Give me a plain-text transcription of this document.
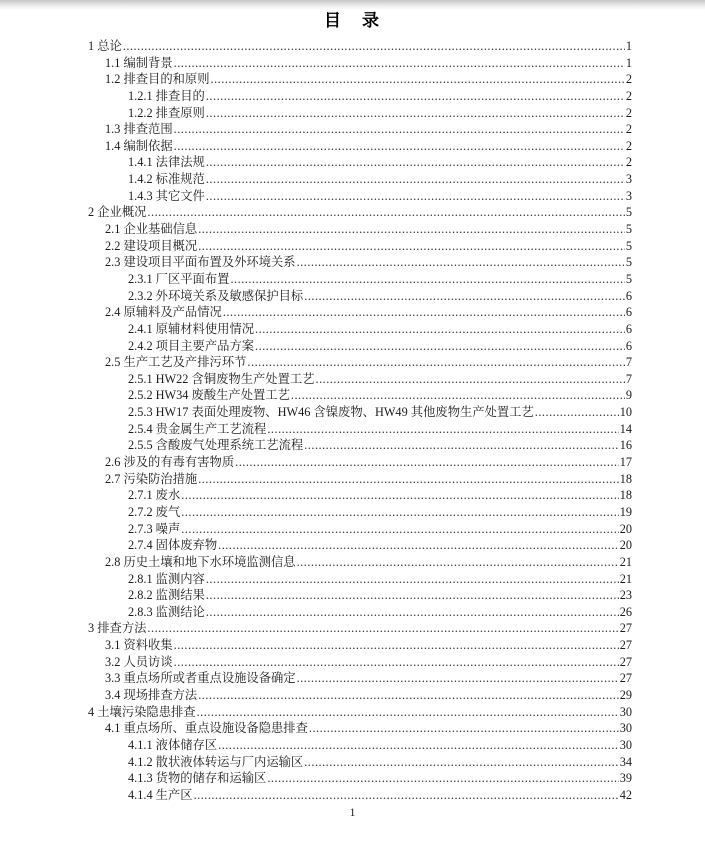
目　录
1 总论 .....	1
1.1 编制背景 .....	1
1.2 排查目的和原则 .....	2
1.2.1 排查目的 .....	2
1.2.2 排查原则 .....	2
1.3 排查范围 .....	2
1.4 编制依据 .....	2
1.4.1 法律法规 .....	2
1.4.2 标准规范 .....	3
1.4.3 其它文件 .....	3
2 企业概况 .....	5
2.1 企业基础信息 .....	5
2.2 建设项目概况 .....	5
2.3 建设项目平面布置及外环境关系 .....	5
2.3.1 厂区平面布置 .....	5
2.3.2 外环境关系及敏感保护目标 .....	6
2.4 原辅料及产品情况 .....	6
2.4.1 原辅材料使用情况 .....	6
2.4.2 项目主要产品方案 .....	6
2.5 生产工艺及产排污环节 .....	7
2.5.1 HW22 含铜废物生产处置工艺 .....	7
2.5.2 HW34 废酸生产处置工艺 .....	9
2.5.3 HW17 表面处理废物、HW46 含镍废物、HW49 其他废物生产处置工艺 .....	10
2.5.4 贵金属生产工艺流程 .....	14
2.5.5 含酸废气处理系统工艺流程 .....	16
2.6 涉及的有毒有害物质 .....	17
2.7 污染防治措施 .....	18
2.7.1 废水 .....	18
2.7.2 废气 .....	19
2.7.3 噪声 .....	20
2.7.4 固体废弃物 .....	20
2.8 历史土壤和地下水环境监测信息 .....	21
2.8.1 监测内容 .....	21
2.8.2 监测结果 .....	23
2.8.3 监测结论 .....	26
3 排查方法 .....	27
3.1 资料收集 .....	27
3.2 人员访谈 .....	27
3.3 重点场所或者重点设施设备确定 .....	27
3.4 现场排查方法 .....	29
4 土壤污染隐患排查 .....	30
4.1 重点场所、重点设施设备隐患排查 .....	30
4.1.1 液体储存区 .....	30
4.1.2 散状液体转运与厂内运输区 .....	34
4.1.3 货物的储存和运输区 .....	39
4.1.4 生产区 .....	42
1
